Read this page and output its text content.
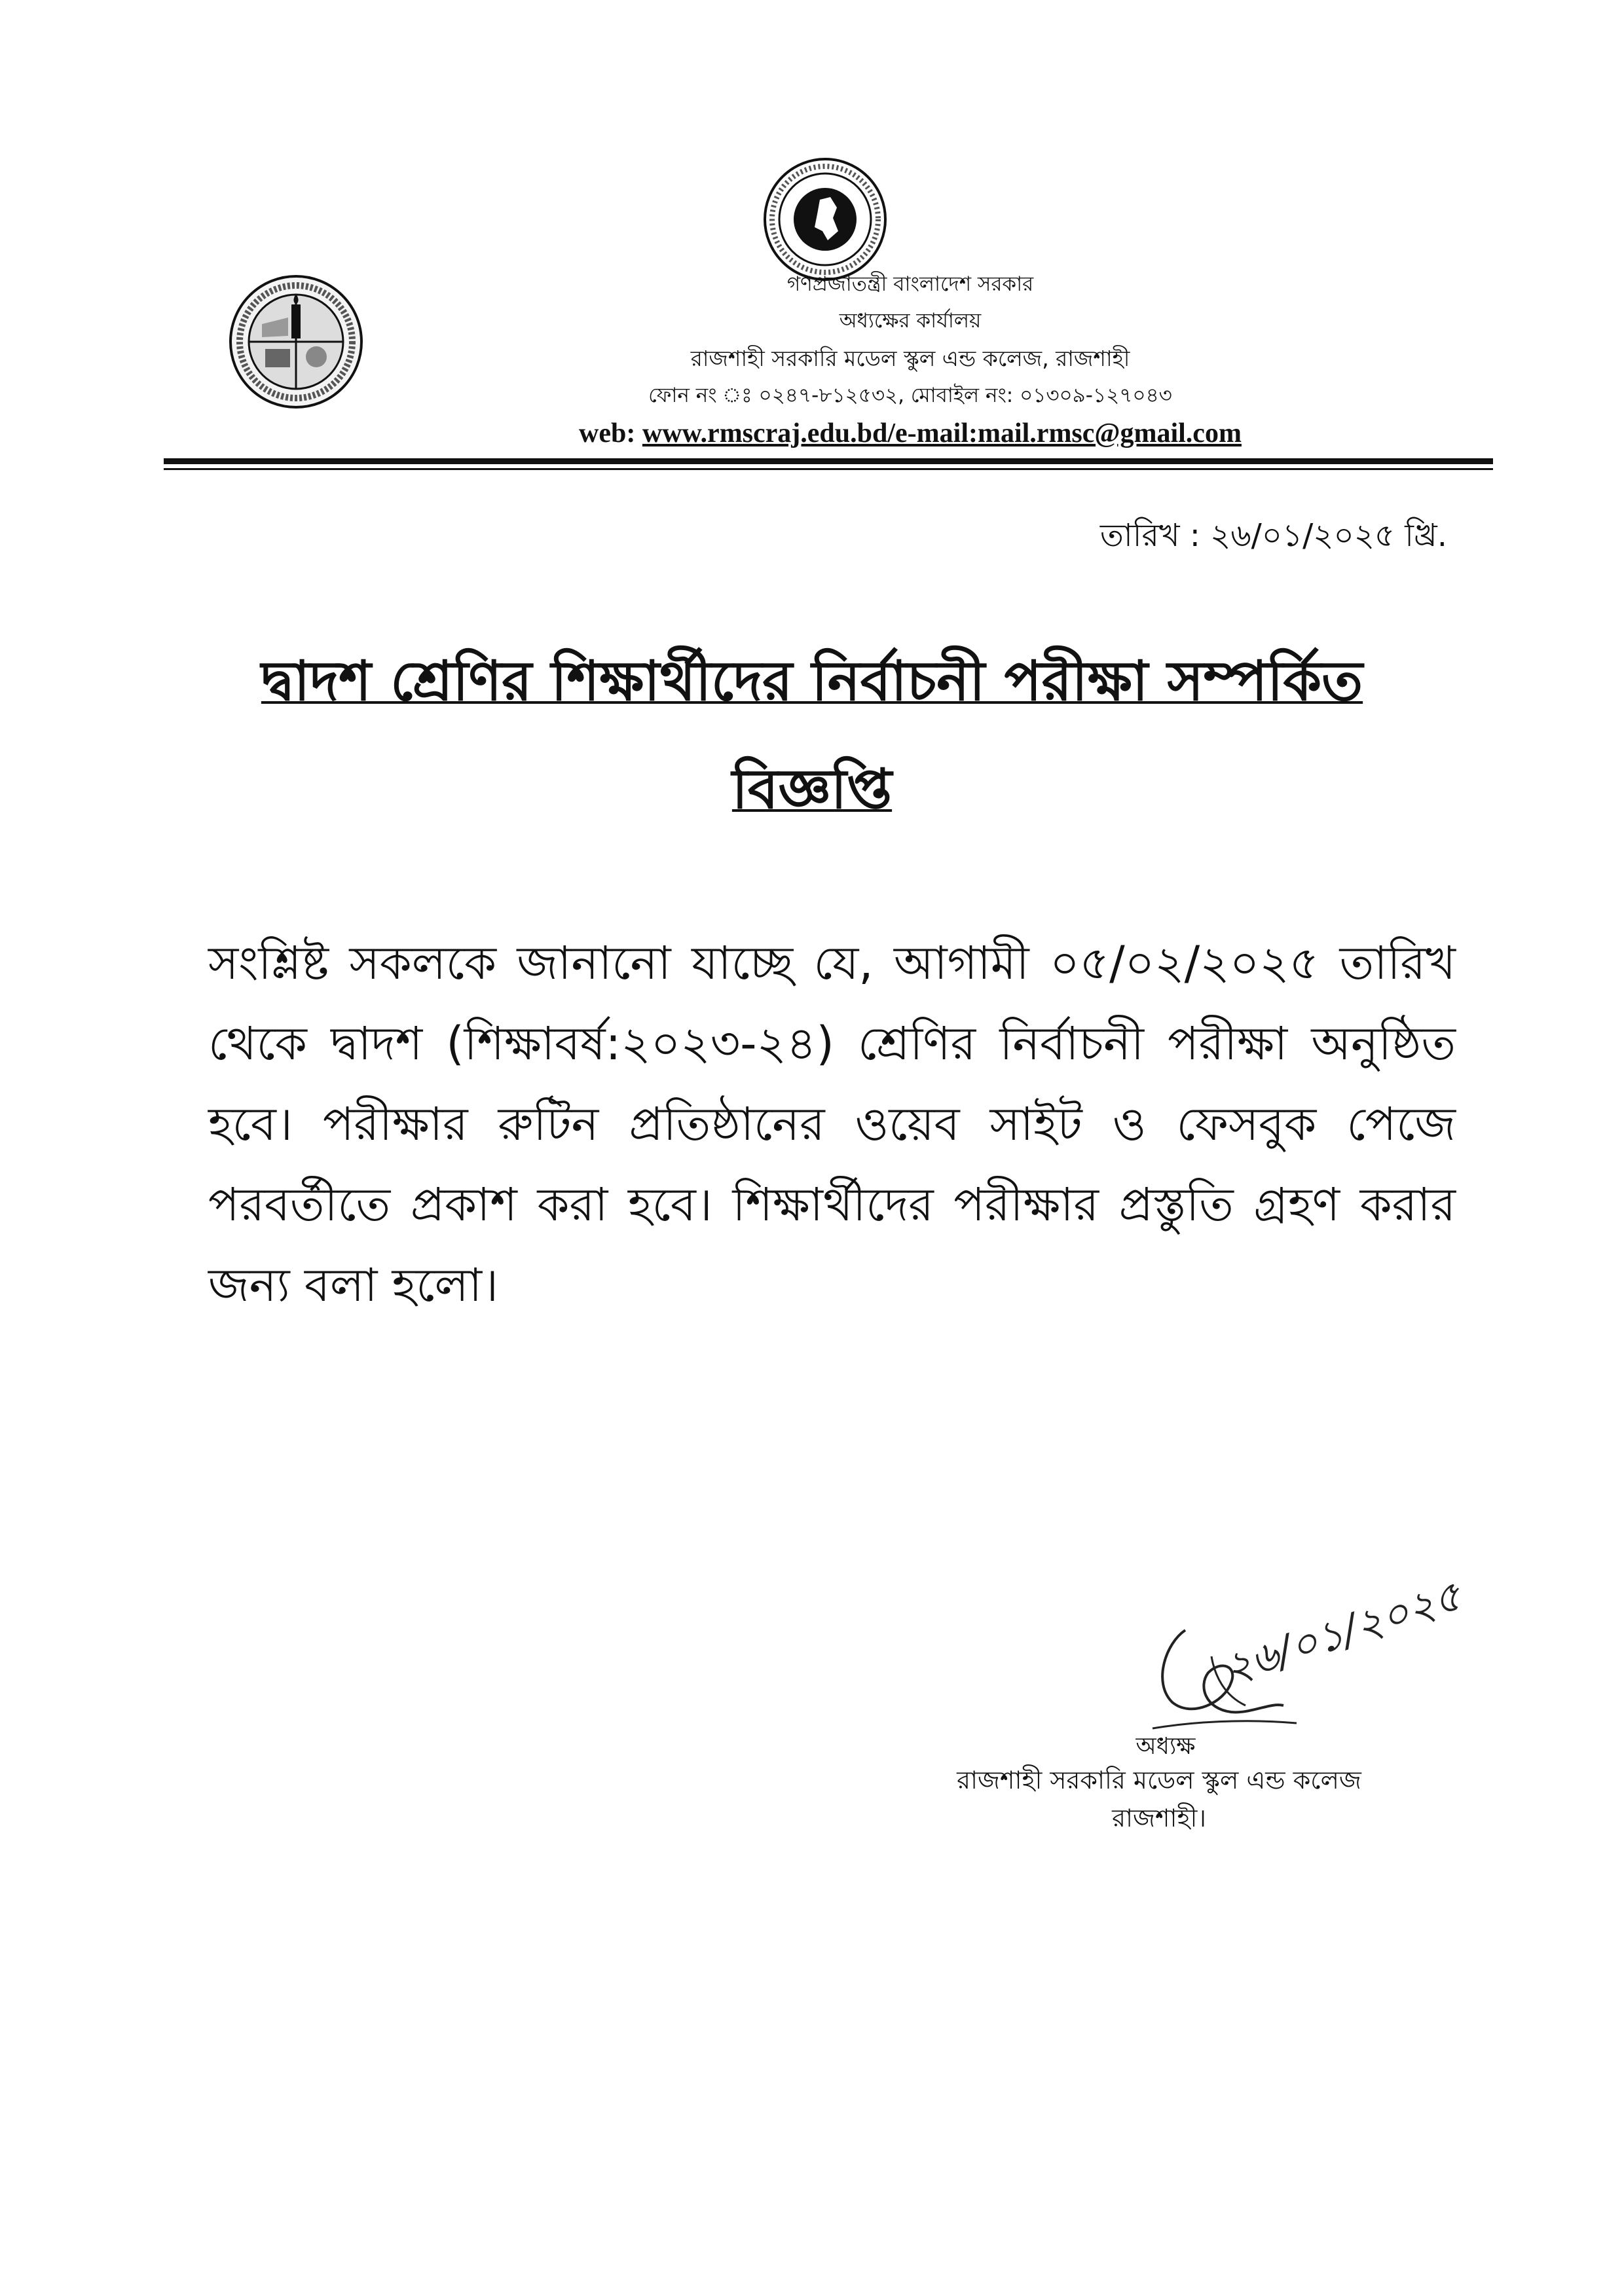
গণপ্রজাতন্ত্রী বাংলাদেশ সরকার
অধ্যক্ষের কার্যালয়
রাজশাহী সরকারি মডেল স্কুল এন্ড কলেজ, রাজশাহী
ফোন নং ঃ ০২৪৭-৮১২৫৩২, মোবাইল নং: ০১৩০৯-১২৭০৪৩
web: www.rmscraj.edu.bd/e-mail:mail.rmsc@gmail.com
তারিখ : ২৬/০১/২০২৫ খ্রি.
দ্বাদশ শ্রেণির শিক্ষার্থীদের নির্বাচনী পরীক্ষা সম্পর্কিত
বিজ্ঞপ্তি
সংশ্লিষ্ট সকলকে জানানো যাচ্ছে যে, আগামী ০৫/০২/২০২৫ তারিখ থেকে দ্বাদশ (শিক্ষাবর্ষ:২০২৩-২৪) শ্রেণির নির্বাচনী পরীক্ষা অনুষ্ঠিত হবে। পরীক্ষার রুটিন প্রতিষ্ঠানের ওয়েব সাইট ও ফেসবুক পেজে পরবর্তীতে প্রকাশ করা হবে। শিক্ষার্থীদের পরীক্ষার প্রস্তুতি গ্রহণ করার জন্য বলা হলো।
২৬/০১/২০২৫
অধ্যক্ষ
রাজশাহী সরকারি মডেল স্কুল এন্ড কলেজ
রাজশাহী।
